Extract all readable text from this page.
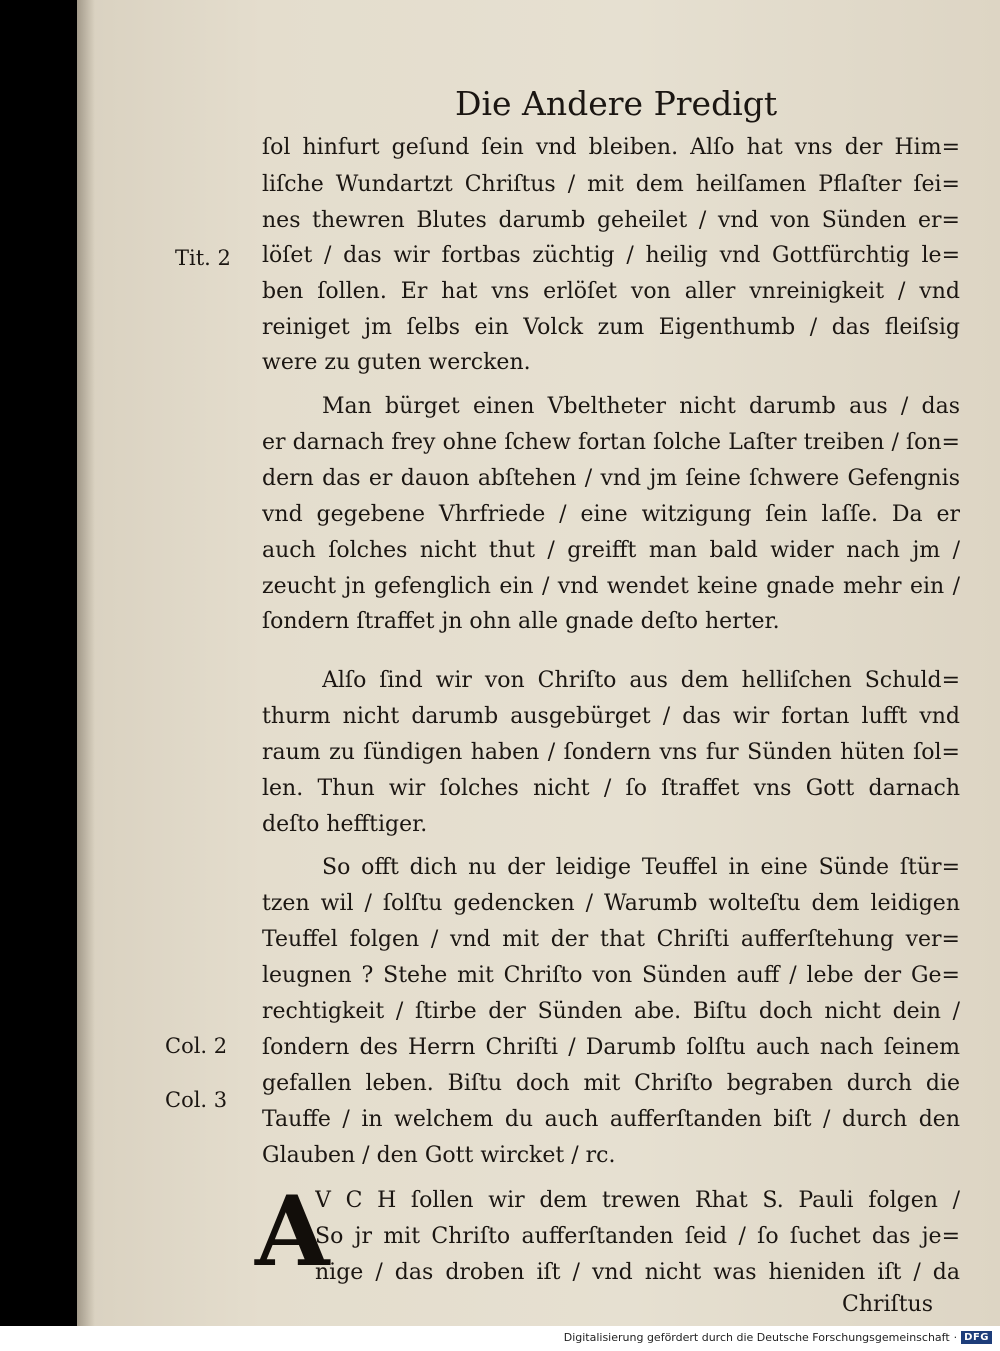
Die Andere Predigt
ſol hinfurt geſund ſein vnd bleiben. Alſo hat vns der Him=
liſche Wundartzt Chriſtus / mit dem heilſamen Pflaſter ſei=
nes thewren Blutes darumb geheilet / vnd von Sünden er=
löſet / das wir fortbas züchtig / heilig vnd Gottfürchtig le=
ben ſollen. Er hat vns erlöſet von aller vnreinigkeit / vnd
reiniget jm ſelbs ein Volck zum Eigenthumb / das fleiſsig
were zu guten wercken.
Tit. 2
Man bürget einen Vbeltheter nicht darumb aus / das
er darnach frey ohne ſchew fortan ſolche Laſter treiben / ſon=
dern das er dauon abſtehen / vnd jm ſeine ſchwere Gefengnis
vnd gegebene Vhrfriede / eine witzigung ſein laſſe. Da er
auch ſolches nicht thut / greifft man bald wider nach jm /
zeucht jn gefenglich ein / vnd wendet keine gnade mehr ein /
ſondern ſtraffet jn ohn alle gnade deſto herter.
Alſo ſind wir von Chriſto aus dem helliſchen Schuld=
thurm nicht darumb ausgebürget / das wir fortan lufft vnd
raum zu ſündigen haben / ſondern vns fur Sünden hüten ſol=
len. Thun wir ſolches nicht / ſo ſtraffet vns Gott darnach
deſto hefftiger.
So offt dich nu der leidige Teuffel in eine Sünde ſtür=
tzen wil / ſolſtu gedencken / Warumb wolteſtu dem leidigen
Teuffel folgen / vnd mit der that Chriſti aufferſtehung ver=
leugnen ? Stehe mit Chriſto von Sünden auff / lebe der Ge=
rechtigkeit / ſtirbe der Sünden abe. Biſtu doch nicht dein /
ſondern des Herrn Chriſti / Darumb ſolſtu auch nach ſeinem
gefallen leben. Biſtu doch mit Chriſto begraben durch die
Tauffe / in welchem du auch aufferſtanden biſt / durch den
Glauben / den Gott wircket / rc.
Col. 2
A
V C H ſollen wir dem trewen Rhat S. Pauli folgen /
So jr mit Chriſto aufferſtanden ſeid / ſo ſuchet das je=
nige / das droben iſt / vnd nicht was hieniden iſt / da
Col. 3
Chriſtus
Digitalisierung gefördert durch die Deutsche Forschungsgemeinschaft · DFG
